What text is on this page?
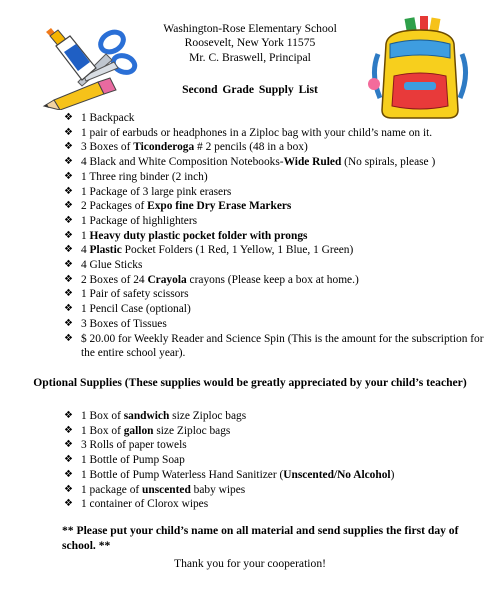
Washington-Rose Elementary School
Roosevelt, New York 11575
Mr. C. Braswell, Principal
Second Grade Supply List
❖ 1 Backpack
❖ 1 pair of earbuds or headphones in a Ziploc bag with your child’s name on it.
❖ 3 Boxes of Ticonderoga # 2 pencils (48 in a box)
❖ 4 Black and White Composition Notebooks-Wide Ruled (No spirals, please )
❖ 1 Three ring binder (2 inch)
❖ 1 Package of 3 large pink erasers
❖ 2 Packages of Expo fine Dry Erase Markers
❖ 1 Package of highlighters
❖ 1 Heavy duty plastic pocket folder with prongs
❖ 4 Plastic Pocket Folders (1 Red, 1 Yellow, 1 Blue, 1 Green)
❖ 4 Glue Sticks
❖ 2 Boxes of 24 Crayola crayons (Please keep a box at home.)
❖ 1 Pair of safety scissors
❖ 1 Pencil Case (optional)
❖ 3 Boxes of Tissues
❖ $ 20.00 for Weekly Reader and Science Spin (This is the amount for the subscription for the entire school year).
Optional Supplies (These supplies would be greatly appreciated by your child’s teacher)
❖ 1 Box of sandwich size Ziploc bags
❖ 1 Box of gallon size Ziploc bags
❖ 3 Rolls of paper towels
❖ 1 Bottle of Pump Soap
❖ 1 Bottle of Pump Waterless Hand Sanitizer (Unscented/No Alcohol)
❖ 1 package of unscented baby wipes
❖ 1 container of Clorox wipes
** Please put your child’s name on all material and send supplies the first day of school. **
Thank you for your cooperation!
